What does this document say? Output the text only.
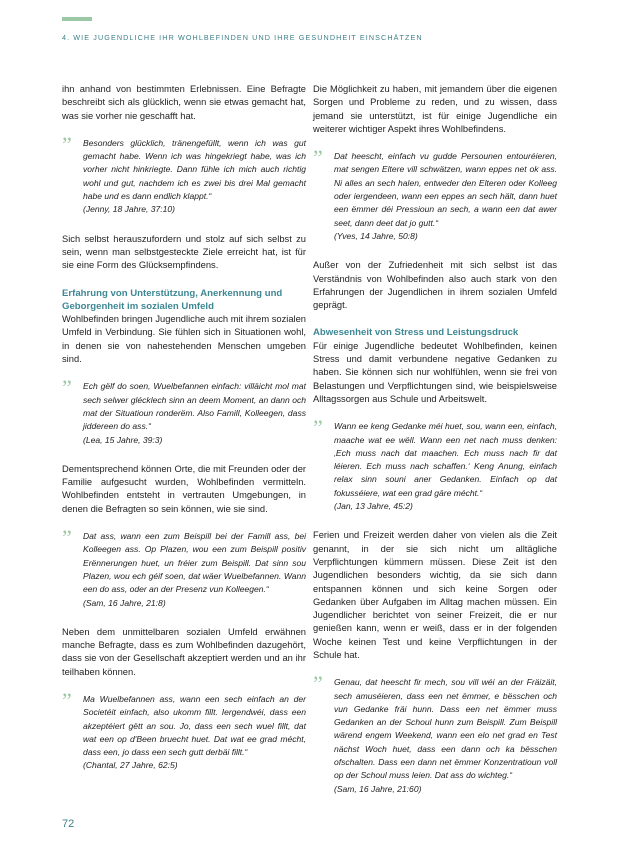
4. WIE JUGENDLICHE IHR WOHLBEFINDEN UND IHRE GESUNDHEIT EINSCHÄTZEN

ihn anhand von bestimmten Erlebnissen. Eine Befragte beschreibt sich als glücklich, wenn sie etwas gemacht hat, was sie vorher nie geschafft hat.

” Besonders glücklich, tränengefüllt, wenn ich was gut gemacht habe. Wenn ich was hingekriegt habe, was ich vorher nicht hinkriegte. Dann fühle ich mich auch richtig wohl und gut, nachdem ich es zwei bis drei Mal gemacht habe und es dann endlich klappt.“

(Jenny, 18 Jahre, 37:10)

Sich selbst herauszufordern und stolz auf sich selbst zu sein, wenn man selbstgesteckte Ziele erreicht hat, ist für sie eine Form des Glücksempfindens.

Erfahrung von Unterstützung, Anerkennung und Geborgenheit im sozialen Umfeld

Wohlbefinden bringen Jugendliche auch mit ihrem sozialen Umfeld in Verbindung. Sie fühlen sich in Situationen wohl, in denen sie von nahestehenden Menschen umgeben sind.

” Ech gëlf do soen, Wuelbefannen einfach: villäicht mol mat sech selwer glécklech sinn an deem Moment, an dann och mat der Situatioun ronderëm. Also Famill, Kolleegen, dass jiddereen do ass.“

(Lea, 15 Jahre, 39:3)

Dementsprechend können Orte, die mit Freunden oder der Familie aufgesucht wurden, Wohlbefinden vermitteln. Wohlbefinden entsteht in vertrauten Umgebungen, in denen die Befragten so sein können, wie sie sind.

” Dat ass, wann een zum Beispill bei der Famill ass, bei Kolleegen ass. Op Plazen, wou een zum Beispill positiv Erënnerungen huet, un fréier zum Beispill. Dat sinn sou Plazen, wou ech géif soen, dat wäer Wuelbefannen. Wann een do ass, oder an der Presenz vun Kolleegen.“

(Sam, 16 Jahre, 21:8)

Neben dem unmittelbaren sozialen Umfeld erwähnen manche Befragte, dass es zum Wohlbefinden dazugehört, dass sie von der Gesellschaft akzeptiert werden und an ihr teilhaben können.

” Ma Wuelbefannen ass, wann een sech einfach an der Societéit einfach, also ukomm fillt. Iergendwéi, dass een akzeptéiert gëtt an sou. Jo, dass een sech wuel fillt, dat wat een op d'Been bruecht huet. Dat wat ee grad mécht, dass een, jo dass een sech gutt derbäi fillt.“

(Chantal, 27 Jahre, 62:5)

Die Möglichkeit zu haben, mit jemandem über die eigenen Sorgen und Probleme zu reden, und zu wissen, dass jemand sie unterstützt, ist für einige Jugendliche ein weiterer wichtiger Aspekt ihres Wohlbefindens.

” Dat heescht, einfach vu gudde Persounen entouréieren, mat sengen Eltere vill schwätzen, wann eppes net ok ass. Ni alles an sech halen, entweder den Elteren oder Kolleeg oder iergendeen, wann een eppes an sech hält, dann huet een ëmmer déi Pressioun an sech, a wann een dat awer seet, dann deet dat jo gutt.“

(Yves, 14 Jahre, 50:8)

Außer von der Zufriedenheit mit sich selbst ist das Verständnis von Wohlbefinden also auch stark von den Erfahrungen der Jugendlichen in ihrem sozialen Umfeld geprägt.

Abwesenheit von Stress und Leistungsdruck

Für einige Jugendliche bedeutet Wohlbefinden, keinen Stress und damit verbundene negative Gedanken zu haben. Sie können sich nur wohlfühlen, wenn sie frei von Belastungen und Verpflichtungen sind, wie beispielsweise Alltagssorgen aus Schule und Arbeitswelt.

” Wann ee keng Gedanke méi huet, sou, wann een, einfach, maache wat ee wëll. Wann een net nach muss denken: ‚Ech muss nach dat maachen. Ech muss nach fir dat léieren. Ech muss nach schaffen.‘ Keng Anung, einfach relax sinn souni aner Gedanken. Einfach op dat fokusséiere, wat een grad gäre mécht.“

(Jan, 13 Jahre, 45:2)

Ferien und Freizeit werden daher von vielen als die Zeit genannt, in der sie sich nicht um alltägliche Verpflichtungen kümmern müssen. Diese Zeit ist den Jugendlichen besonders wichtig, da sie sich dann entspannen können und sich keine Sorgen oder Gedanken über Aufgaben im Alltag machen müssen. Ein Jugendlicher berichtet von seiner Freizeit, die er nur genießen kann, wenn er weiß, dass er in der folgenden Woche keinen Test und keine Verpflichtungen in der Schule hat.

” Genau, dat heescht fir mech, sou vill wéi an der Fräizäit, sech amuséieren, dass een net ëmmer, e bësschen och vun Gedanke fräi hunn. Dass een net ëmmer muss Gedanken an der Schoul hunn zum Beispill. Zum Beispill wärend engem Weekend, wann een elo net grad en Test nächst Woch huet, dass een dann och ka bësschen ofschalten. Dass een dann net ëmmer Konzentratioun voll op der Schoul muss leien. Dat ass do wichteg.“

(Sam, 16 Jahre, 21:60)

72
